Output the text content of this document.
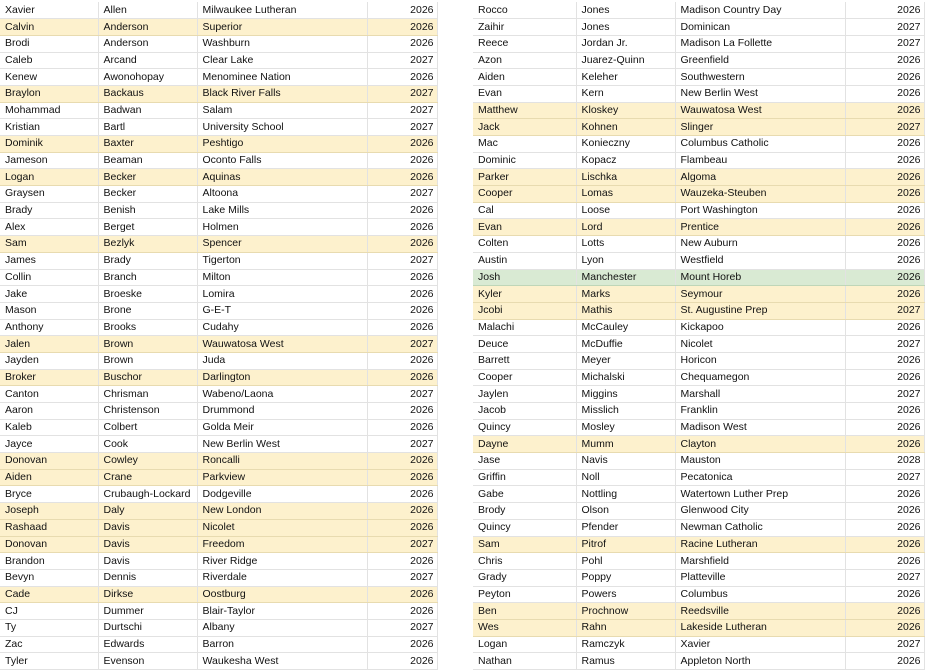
Xavier	Allen	Milwaukee Lutheran	2026
Calvin	Anderson	Superior	2026
Brodi	Anderson	Washburn	2026
Caleb	Arcand	Clear Lake	2027
Kenew	Awonohopay	Menominee Nation	2026
Braylon	Backaus	Black River Falls	2027
Mohammad	Badwan	Salam	2027
Kristian	Bartl	University School	2027
Dominik	Baxter	Peshtigo	2026
Jameson	Beaman	Oconto Falls	2026
Logan	Becker	Aquinas	2026
Graysen	Becker	Altoona	2027
Brady	Benish	Lake Mills	2026
Alex	Berget	Holmen	2026
Sam	Bezlyk	Spencer	2026
James	Brady	Tigerton	2027
Collin	Branch	Milton	2026
Jake	Broeske	Lomira	2026
Mason	Brone	G-E-T	2026
Anthony	Brooks	Cudahy	2026
Jalen	Brown	Wauwatosa West	2027
Jayden	Brown	Juda	2026
Broker	Buschor	Darlington	2026
Canton	Chrisman	Wabeno/Laona	2027
Aaron	Christenson	Drummond	2026
Kaleb	Colbert	Golda Meir	2026
Jayce	Cook	New Berlin West	2027
Donovan	Cowley	Roncalli	2026
Aiden	Crane	Parkview	2026
Bryce	Crubaugh-Lockard	Dodgeville	2026
Joseph	Daly	New London	2026
Rashaad	Davis	Nicolet	2026
Donovan	Davis	Freedom	2027
Brandon	Davis	River Ridge	2026
Bevyn	Dennis	Riverdale	2027
Cade	Dirkse	Oostburg	2026
CJ	Dummer	Blair-Taylor	2026
Ty	Durtschi	Albany	2027
Zac	Edwards	Barron	2026
Tyler	Evenson	Waukesha West	2026
Rocco	Jones	Madison Country Day	2026
Zaihir	Jones	Dominican	2027
Reece	Jordan Jr.	Madison La Follette	2027
Azon	Juarez-Quinn	Greenfield	2026
Aiden	Keleher	Southwestern	2026
Evan	Kern	New Berlin West	2026
Matthew	Kloskey	Wauwatosa West	2026
Jack	Kohnen	Slinger	2027
Mac	Konieczny	Columbus Catholic	2026
Dominic	Kopacz	Flambeau	2026
Parker	Lischka	Algoma	2026
Cooper	Lomas	Wauzeka-Steuben	2026
Cal	Loose	Port Washington	2026
Evan	Lord	Prentice	2026
Colten	Lotts	New Auburn	2026
Austin	Lyon	Westfield	2026
Josh	Manchester	Mount Horeb	2026
Kyler	Marks	Seymour	2026
Jcobi	Mathis	St. Augustine Prep	2027
Malachi	McCauley	Kickapoo	2026
Deuce	McDuffie	Nicolet	2027
Barrett	Meyer	Horicon	2026
Cooper	Michalski	Chequamegon	2026
Jaylen	Miggins	Marshall	2027
Jacob	Misslich	Franklin	2026
Quincy	Mosley	Madison West	2026
Dayne	Mumm	Clayton	2026
Jase	Navis	Mauston	2028
Griffin	Noll	Pecatonica	2027
Gabe	Nottling	Watertown Luther Prep	2026
Brody	Olson	Glenwood City	2026
Quincy	Pfender	Newman Catholic	2026
Sam	Pitrof	Racine Lutheran	2026
Chris	Pohl	Marshfield	2026
Grady	Poppy	Platteville	2027
Peyton	Powers	Columbus	2026
Ben	Prochnow	Reedsville	2026
Wes	Rahn	Lakeside Lutheran	2026
Logan	Ramczyk	Xavier	2027
Nathan	Ramus	Appleton North	2026
